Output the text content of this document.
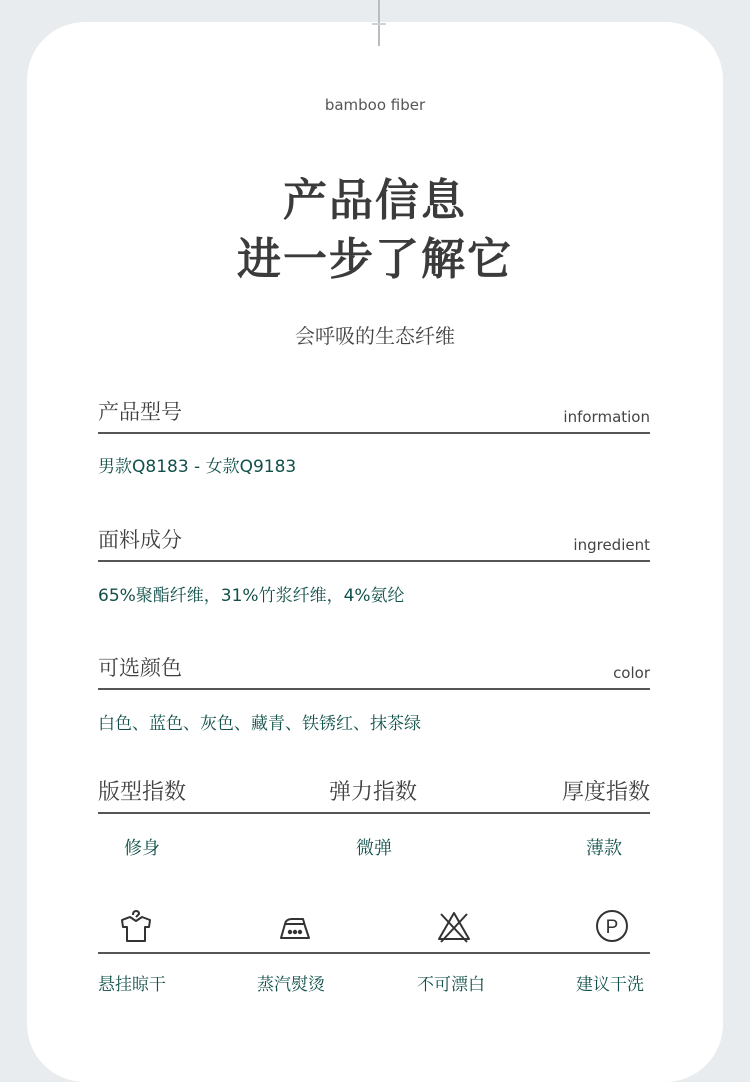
bamboo fiber
产品信息
进一步了解它
会呼吸的生态纤维
产品型号	information
男款Q8183 - 女款Q9183
面料成分	ingredient
65%聚酯纤维，31%竹浆纤维，4%氨纶
可选颜色	color
白色、蓝色、灰色、藏青、铁锈红、抹茶绿
版型指数	弹力指数	厚度指数
修身	微弹	薄款
P
悬挂晾干	蒸汽熨烫	不可漂白	建议干洗
